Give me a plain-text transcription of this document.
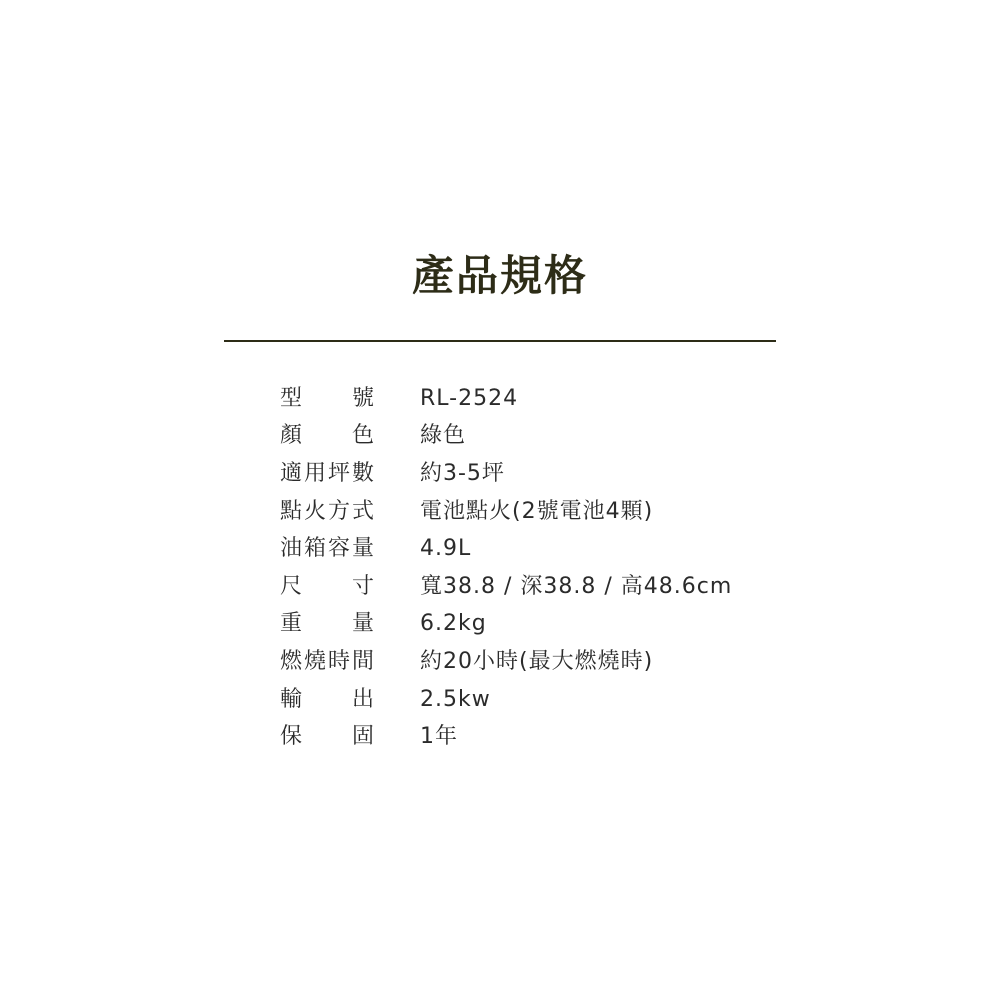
產品規格
型 號 RL-2524
顏 色 綠色
適 用 坪 數 約3-5坪
點 火 方 式 電池點火(2號電池4顆)
油 箱 容 量 4.9L
尺 寸 寬38.8 / 深38.8 / 高48.6cm
重 量 6.2kg
燃 燒 時 間 約20小時(最大燃燒時)
輸 出 2.5kw
保 固 1年
